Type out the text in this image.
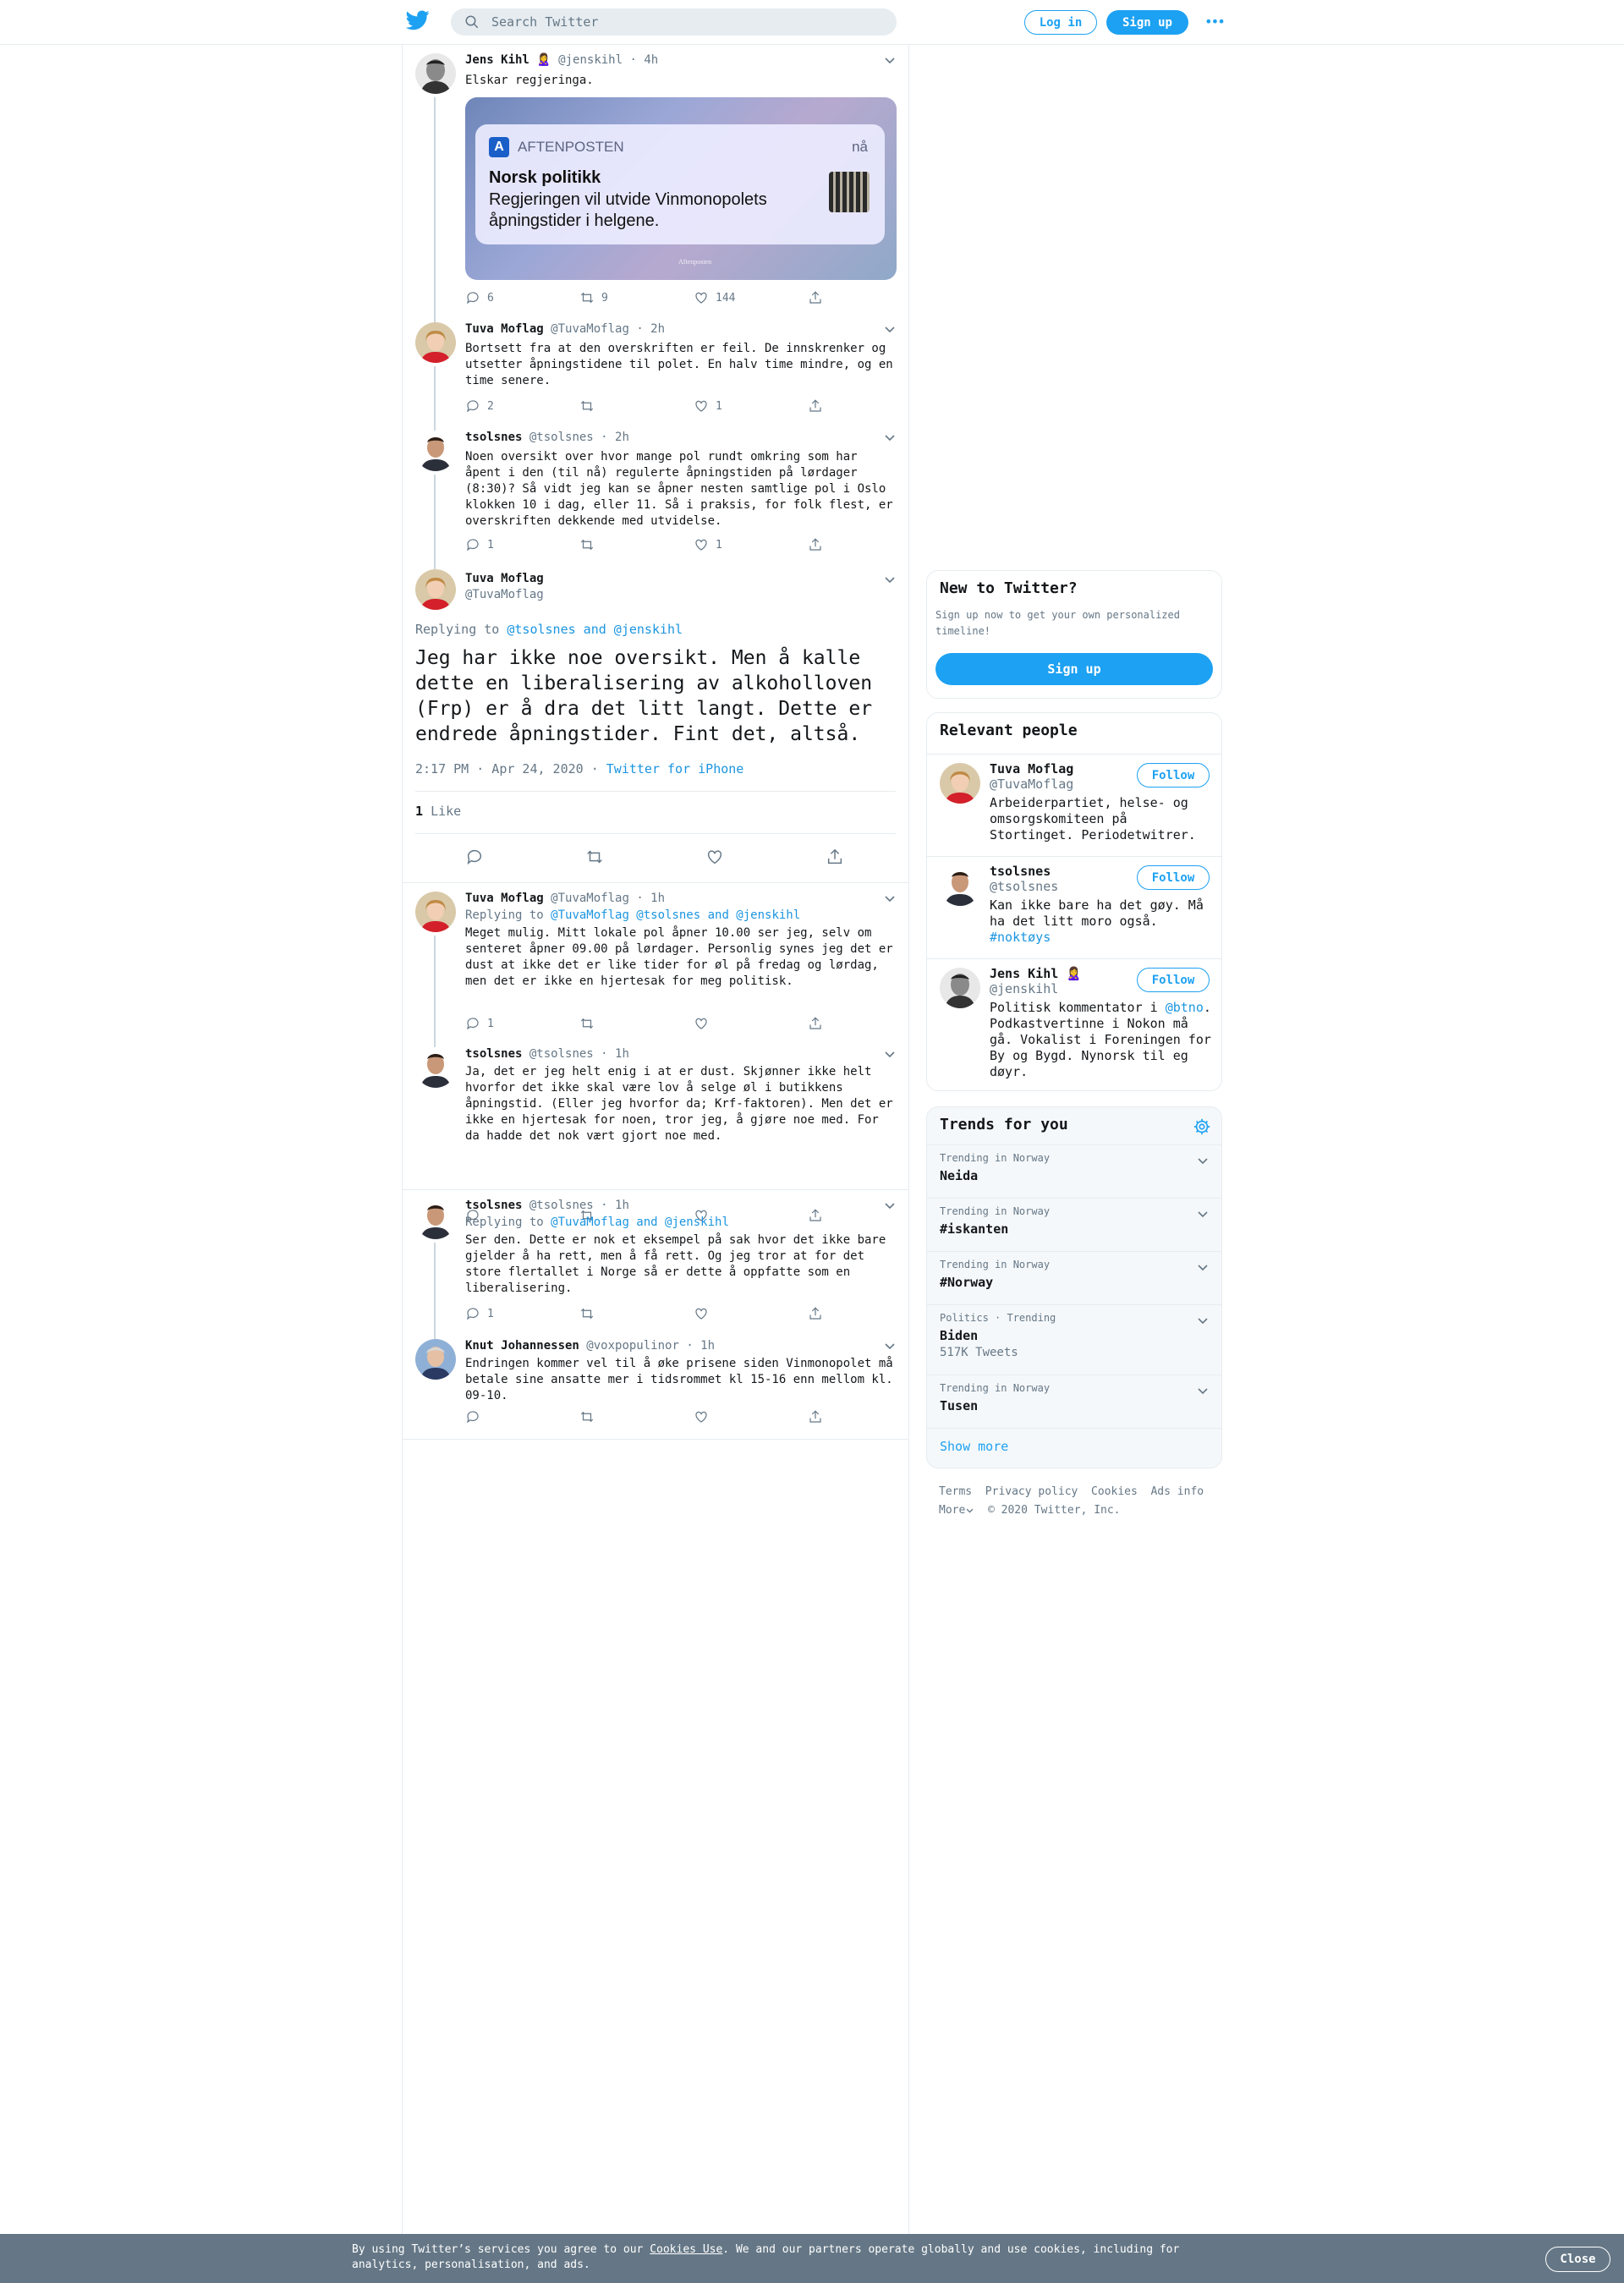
Search Twitter	Log in	Sign up	•••
Jens Kihl 🙎‍♀️ @jenskihl · 4h
Elskar regjeringa.
A AFTENPOSTEN	nå
Norsk politikk
Regjeringen vil utvide Vinmonopolets
åpningstider i helgene.
Aftenposten
6	9	144
Tuva Moflag @TuvaMoflag · 2h
Bortsett fra at den overskriften er feil. De innskrenker og utsetter åpningstidene til polet. En halv time mindre, og en time senere.
2	1
tsolsnes @tsolsnes · 2h
Noen oversikt over hvor mange pol rundt omkring som har åpent i den (til nå) regulerte åpningstiden på lørdager (8:30)? Så vidt jeg kan se åpner nesten samtlige pol i Oslo klokken 10 i dag, eller 11. Så i praksis, for folk flest, er overskriften dekkende med utvidelse.
1	1
Tuva Moflag
@TuvaMoflag
Replying to @tsolsnes and @jenskihl
Jeg har ikke noe oversikt. Men å kalle dette en liberalisering av alkoholloven (Frp) er å dra det litt langt. Dette er endrede åpningstider. Fint det, altså.
2:17 PM · Apr 24, 2020 · Twitter for iPhone
1 Like
Tuva Moflag @TuvaMoflag · 1h
Replying to @TuvaMoflag @tsolsnes and @jenskihl
Meget mulig. Mitt lokale pol åpner 10.00 ser jeg, selv om senteret åpner 09.00 på lørdager. Personlig synes jeg det er dust at ikke det er like tider for øl på fredag og lørdag, men det er ikke en hjertesak for meg politisk.
1
tsolsnes @tsolsnes · 1h
Ja, det er jeg helt enig i at er dust. Skjønner ikke helt hvorfor det ikke skal være lov å selge øl i butikkens åpningstid. (Eller jeg hvorfor da; Krf-faktoren). Men det er ikke en hjertesak for noen, tror jeg, å gjøre noe med. For da hadde det nok vært gjort noe med.
tsolsnes @tsolsnes · 1h
Replying to @TuvaMoflag and @jenskihl
Ser den. Dette er nok et eksempel på sak hvor det ikke bare gjelder å ha rett, men å få rett. Og jeg tror at for det store flertallet i Norge så er dette å oppfatte som en liberalisering.
1
Knut Johannessen @voxpopulinor · 1h
Endringen kommer vel til å øke prisene siden Vinmonopolet må betale sine ansatte mer i tidsrommet kl 15-16 enn mellom kl. 09-10.
New to Twitter?
Sign up now to get your own personalized timeline!
Sign up
Relevant people
Tuva Moflag
@TuvaMoflag
Follow
Arbeiderpartiet, helse- og omsorgskomiteen på Stortinget. Periodetwitrer.
tsolsnes
@tsolsnes
Follow
Kan ikke bare ha det gøy. Må ha det litt moro også. #noktøys
Jens Kihl 🙎‍♀️
@jenskihl
Follow
Politisk kommentator i @btno. Podkastvertinne i Nokon må gå. Vokalist i Foreningen for By og Bygd. Nynorsk til eg døyr.
Trends for you
Trending in Norway
Neida
Trending in Norway
#iskanten
Trending in Norway
#Norway
Politics · Trending
Biden
517K Tweets
Trending in Norway
Tusen
Show more
Terms Privacy policy Cookies Ads info
More © 2020 Twitter, Inc.
By using Twitter’s services you agree to our Cookies Use. We and our partners operate globally and use cookies, including for analytics, personalisation, and ads.	Close
